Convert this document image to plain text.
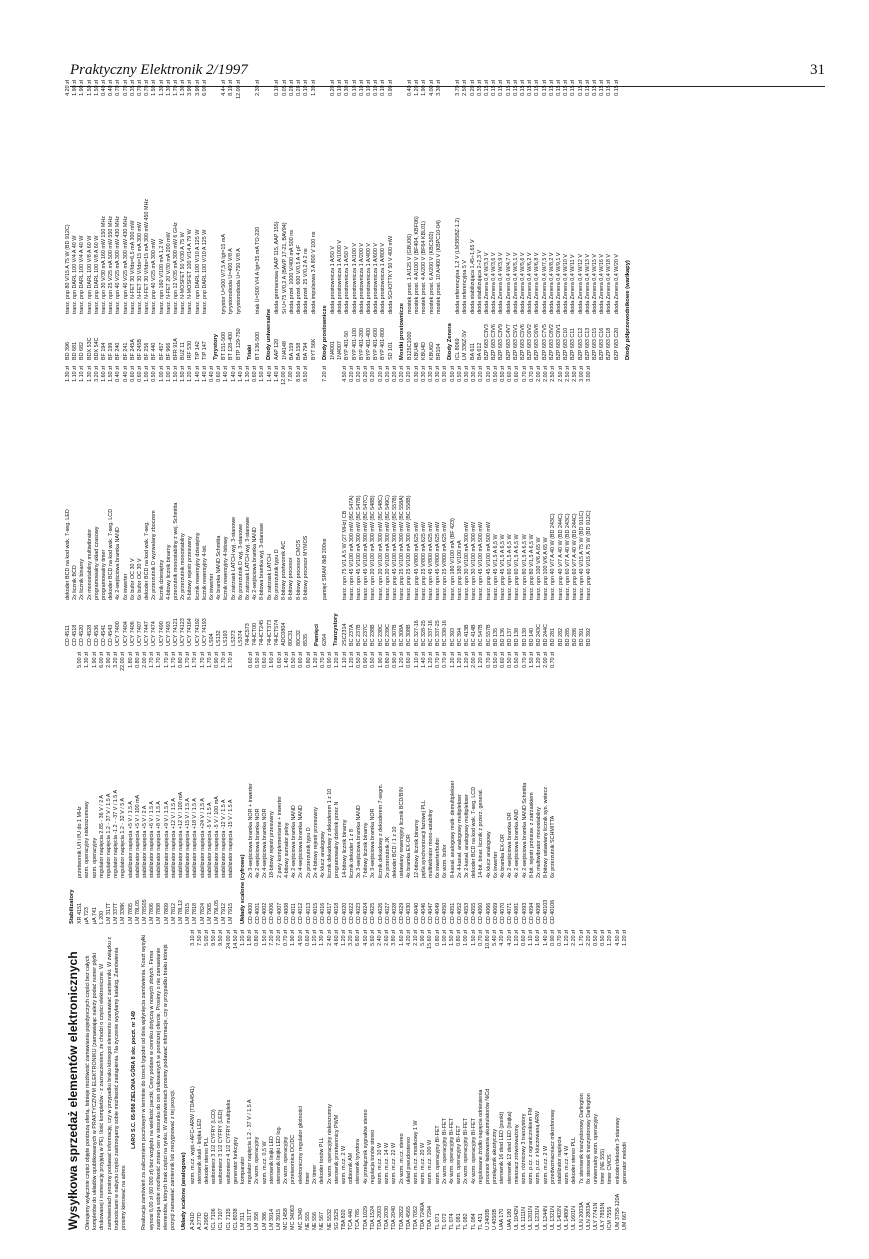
Praktyczny Elektronik 2/1997	31
Wysyłkowa sprzedaż elementów elektronicznych Oferujemy wyłącznie części objęte poniższą ofertą. Istnieje możliwość zamawiania pojedynczych części bez całych kompletów do układów opublikowanych w PRAKTYCZNYM ELEKTRONIKU (zamawiając należy podać numer płytki drukowanej i numerację przyjętą w PE). Ilość kompletów - z zaznaczeniem, że chodzi o części elektroniczne. W zamówieniach prosimy podawać informację, czy w przypadku braku któregoś elementu zamawiać zamienniki. W związku z trudnościami w nabyciu części zastrzegamy sobie możliwość zastąpienia. Na życzenie wysyłamy katalog. Zamówienia prosimy kierować na adres:

LARO S.C. 65-958 ZIELONA GÓRA 8 skr. poczt. nr 149 Realizacja zamówień za zaliczeniem pocztowym w terminie do trzech tygodni od dnia wpłynięcia zamówienia. Koszt wysyłki wynosi 6,00 zł (60 000 zł) bez względu na wielkość paczki. Ceny podane w cenniku dotyczą w nowych złotych. Firma zastrzega sobie możliwość zmian cen w stosunku do cen drukowanych w poniższej ofercie. Prosimy o nie zamawianie elementów, których brak części na rynku. W zamówieniach prosimy podawać informacje, czy w przypadku braku którejś pozycji zamawiać zamiennik lub zrezygnować z tej pozycji. Układy scalone (analogowe) A 241D	wzm. m.cz. wyjś.+AFC+ARW (TDA4541)	3.10 zł
A 277D	sterownik skali - linijka LED	7.50 zł
A 290D	dekoder stereo PLL	5.00 zł
ICL 7106	woltomierz 3 1/2 CYFRY (LCD)	9.50 zł
ICL 7107	woltomierz 3 1/2 CYFRY (LED)	9.50 zł
ICL 7135	woltomierz 4 1/2 CYFRY multipleks	24.00 zł
ICL 8038	generator funkcyjny	14.50 zł
LM 311	komparator	1.20 zł
LM 317T	regulator napięcia 1.2 - 37 V / 1.5 A	1.80 zł
LM 358	2x wzm. operacyjny	0.80 zł
LM 386	wzm. m.cz. 0,5 W	1.50 zł
LM 3914	sterownik linijki LED	7.20 zł
LM 3915	sterownik linijki LED log.	7.20 zł
MC 1458	2x wzm. operacyjny	0.70 zł
MC 34063	przetwornica DC/DC	1.90 zł
MC 3340	elektroniczny regulator głośności	4.50 zł
NE 555	timer	0.60 zł
NE 556	2x timer	1.20 zł
NE 567	dekoder tonów PLL	1.30 zł
NE 5532	2x wzm. operacyjny niskoszumny	2.40 zł
SG 3525	sterownik przetwornicy PWM	4.60 zł
TBA 820	wzm. m.cz. 2 W	1.20 zł
TCA 440	odbiornik AM	3.20 zł
TCA 785	sterownik tyrystora	6.80 zł
TDA 1029	4x przełącznik sygnałów stereo	4.50 zł
TDA 1524	regulacja tonów stereo	5.60 zł
TDA 2003	wzm. m.cz. 10 W	2.40 zł
TDA 2030	wzm. m.cz. 14 W	2.60 zł
TDA 2040	wzm. m.cz. 22 W	3.80 zł
TDA 2822	2x wzm. m.cz. stereo	1.60 zł
TDA 4565	układ pseudostereo	4.20 zł
TDA 7052	wzm. m.cz. mostkowy 1 W	2.10 zł
TDA 7240A	wzm. m.cz. 20 W	5.90 zł
TDA 7294	wzm. m.cz. 100 W	15.60 zł
TL 071	wzm. operacyjny BI-FET	0.80 zł
TL 072	2x wzm. operacyjny BI-FET	1.00 zł
TL 074	4x wzm. operacyjny BI-FET	1.50 zł
TL 081	wzm. operacyjny BI-FET	0.80 zł
TL 082	2x wzm. operacyjny BI-FET	1.00 zł
TL 084	4x wzm. operacyjny BI-FET	1.50 zł
TL 431	regulowane źródło napięcia odniesienia	0.70 zł
U 2400B	procesor ładowania akumulatorów NiCd	10.80 zł
U 4050B	przełącznik akustyczny	5.40 zł
UAA 170	sterownik 16 diod LED (punkt)	4.20 zł
UAA 180	sterownik 12 diod LED (linijka)	4.20 zł
UL 1042N	mieszacz zrównoważony	1.20 zł
UL 1111N	wzm. różnicowy 3 tranzystory	0.60 zł
UL 1201N	wzm. p.cz. z ogranicznikiem FM	1.10 zł
UL 1231N	wzm. p.cz. z kluczowaną ARW	1.60 zł
UL 1244N	wzm. m.cz. 2 W	1.40 zł
UL 1321N	przedwzmacniacz mikrofonowy	0.90 zł
UL 1402N	stabilizator napięcia	0.70 zł
UL 1480N	wzm. m.cz. 4 W	1.20 zł
UL 1601N	dekoder stereo PLL	2.20 zł
ULN 2003A	7x sterownik tranzystorowy Darlington	1.70 zł
ULN 2803A	8x sterownik tranzystorowy Darlington	2.20 zł
ULY 7741N	uniwersalny wzm. operacyjny	0.50 zł
ULY 7855N	timer (NE 555)	0.50 zł
ICM 7555	timer CMOS	1.20 zł
UM 3758-120A	enkoder/dekoder 3-stanowy	4.50 zł
UM 66T	generator melodii	1.20 zł
Stabilizatory XR 4151	przetwornik U/f i f/U do 1 MHz	5.00 zł
µA 723	wzm. operacyjny niskoszumowy	1.30 zł
µA 741	wzm. operacyjny	1.90 zł
L 200	regulator napięcia 2.85 - 36 V / 2 A	6.00 zł
LM 317T	regulator napięcia 1.2 - 37 V / 1.5 A	2.90 zł
LM 337T	regulator napięcia -1.2 - -37 V / 1.5 A	3.20 zł
LM 338K	regulator napięcia 1.2 - 32 V / 5 A	22.00 zł
LM 7805	stabilizator napięcia +5 V / 1.5 A	1.80 zł
LM 78L05	stabilizator napięcia +5 V / 100 mA	0.80 zł
LM 78S05	stabilizator napięcia +5 V / 2 A	2.00 zł
LM 7806	stabilizator napięcia +6 V / 1.5 A	1.70 zł
LM 7808	stabilizator napięcia +8 V / 1.5 A	1.70 zł
LM 7809	stabilizator napięcia +9 V / 1.5 A	1.70 zł
LM 7812	stabilizator napięcia +12 V / 1.5 A	1.70 zł
LM 78L12	stabilizator napięcia +12 V / 100 mA	0.80 zł
LM 7815	stabilizator napięcia +15 V / 1.5 A	1.70 zł
LM 7818	stabilizator napięcia +18 V / 1.5 A	1.70 zł
LM 7824	stabilizator napięcia +24 V / 1.5 A	1.70 zł
LM 7905	stabilizator napięcia -5 V / 1.5 A	1.70 zł
LM 79L05	stabilizator napięcia -5 V / 100 mA	0.90 zł
LM 7912	stabilizator napięcia -12 V / 1.5 A	1.70 zł
LM 7915	stabilizator napięcia -15 V / 1.5 A	1.70 zł
Układy scalone (cyfrowe) CD 4000	2x 3-wejściowa bramka NOR + inwerter	0.60 zł
CD 4001	4x 2-wejściowa bramka NOR	0.50 zł
CD 4002	2x 4-wejściowa bramka NOR	0.60 zł
CD 4006	18-bitowy rejestr przesuwny	1.60 zł
CD 4007	2 pary komplementarne + inwerter	0.60 zł
CD 4008	4-bitowy sumator pełny	1.40 zł
CD 4011	4x 2-wejściowa bramka NAND	0.50 zł
CD 4012	2x 4-wejściowa bramka NAND	0.60 zł
CD 4013	2x przerzutnik typu D	0.80 zł
CD 4015	2x 4-bitowy rejestr przesuwny	1.20 zł
CD 4016	4x klucz analogowy	0.70 zł
CD 4017	licznik dekadowy z dekoderem 1 z 10	0.90 zł
CD 4018	programowalny dzielnik przez N	1.20 zł
CD 4020	14-bitowy licznik binarny	1.10 zł
CD 4022	licznik dekoder 1 z 8	1.20 zł
CD 4023	3x 3-wejściowa bramka NAND	0.50 zł
CD 4024	7-bitowy licznik binarny	0.90 zł
CD 4025	3x 3-wejściowa bramka NOR	0.50 zł
CD 4026	licznik dekadowy z dekoderem 7-segm.	1.90 zł
CD 4027	2x przerzutnik JK	0.80 zł
CD 4028	dekoder BCD / 1 z 10	0.90 zł
CD 4029	ustawiany rewersyjny licznik BCD/BIN	1.20 zł
CD 4030	4x bramka EX-OR	0.60 zł
CD 4040	12-bitowy licznik binarny	1.10 zł
CD 4046	pętla synchronizacji fazowej PLL	1.40 zł
CD 4047	multiwibrator mono-astabilny	1.20 zł
CD 4049	6x inwerter/bufor	0.70 zł
CD 4050	6x wzm. bufor	0.70 zł
CD 4051	8-kanał. analogowy multi- demultiplekser	1.20 zł
CD 4052	2x 4-kanał. analogowy multiplekser	1.20 zł
CD 4053	3x 2-kanał. analogowy multiplekser	1.20 zł
CD 4055	dekoder BCD na kod wsk. 7-seg. LCD	2.00 zł
CD 4060	14-bit. binar. licznik z przerz. generat.	1.20 zł
CD 4066	4x klucz analogowy	0.70 zł
CD 4069	6x inwerter	0.50 zł
CD 4070	4x bramka EX-OR	0.60 zł
CD 4071	4x 2-wejściowa bramka OR	0.50 zł
CD 4081	4x 2-wejściowa bramka AND	0.50 zł
CD 4093	4x 2-wejściowa bramka NAND Schmitta	0.70 zł
CD 4094	8-bit. rejestr przesuw. z zatrzaskiem	1.50 zł
CD 4098	2x multiwibrator monostabilny	1.20 zł
CD 40103	8-bitowy ustawiany licznik syn. wstecz	2.00 zł
CD 40106	6x przerzutnik SCHMITTA	0.70 zł
CD 4511	dekoder BCD na kod wsk. 7-seg. LED	1.30 zł
CD 4518	2x licznik BCD	1.10 zł
CD 4520	2x licznik binarny	1.10 zł
CD 4528	2x monostabilny multiwibrator	1.30 zł
CD 4536	programowalny układ czasowy	3.20 zł
CD 4541	programowalny timer	1.60 zł
CD 4543	dekoder BCD na kod wsk. 7-seg. LCD	1.50 zł
UCY 7400	4x 2-wejściowa bramka NAND	0.40 zł
UCY 7404	6x inwerter	0.40 zł
UCY 7406	6x bufor OC 30 V	0.60 zł
UCY 7407	6x bufor OC 30 V	0.60 zł
UCY 7447	dekoder BCD na kod wsk. 7-seg.	1.00 zł
UCY 7474	2x przerzutnik D wyzwalany zboczem	0.50 zł
UCY 7490	licznik dziesiętny	1.00 zł
UCY 7493	4-bitowy licznik binarny	1.00 zł
UCY 74121	przerzutnik monostabilny z wej. Schmitta	1.50 zł
UCY 74123	2x przerzutnik monostabilny	1.50 zł
UCY 74164	8-bitowy rejestr przesuwny	1.20 zł
UCY 74192	licznik rewersyjny dziesiętny	1.40 zł
UCY 74193	licznik rewersyjny 4-bit.	1.40 zł
LS04	6x inwerter	0.40 zł
LS132	4x bramka NAND Schmitta	0.60 zł
LS193	licznik rewersyjny 4-bitowy	1.40 zł
LS373	8x zatrzask LATCH wyj. 3-stanowe	1.40 zł
LS374	8x przerzutnik D wyj. 3-stanowe	1.40 zł
74HC573	8x zatrzask LATCH wyj. 3-stanowe	1.30 zł
74HCT00	4x 2-wejściowa bramka NAND	0.60 zł
74HCT245	8-bitowa bramka wyj. 3-stanowe	1.50 zł
74HCT373	8x zatrzask LATCH	1.40 zł
74HCT574	8x przerzutnik typu D	1.40 zł
ADC0804	8-bitowy przetwornik A/C	12.00 zł
80C31	8-bitowy procesor	7.00 zł
80C32	8-bitowy procesor CMOS	8.50 zł
8535	8-bitowy procesor MYMOS	9.50 zł
Pamięci 6264	pamięć SRAM 8kB 200ns	7.20 zł
Tranzystory 2SC2314	tranz. npn 75 V/1 A 5 W (27 MHz) CB	4.50 zł
BC 237A	tranz. npn 45 V/100 mA 300 mW (BC 547A)	0.20 zł
BC 237B	tranz. npn 45 V/100 mA 300 mW (BC 547B)	0.20 zł
BC 237C	tranz. npn 45 V/100 mA 300 mW (BC 547C)	0.20 zł
BC 238B	tranz. npn 20 V/100 mA 300 mW (BC 548B)	0.20 zł
BC 238C	tranz. npn 20 V/100 mA 300 mW (BC 548C)	0.20 zł
BC 239C	tranz. npn 20 V/100 mA 300 mW (BC 549C)	0.20 zł
BC 307B	tranz. pnp 45 V/100 mA 300 mW (BC 557B)	0.20 zł
BC 308A	tranz. pnp 25 V/100 mA 300 mW (BC 558A)	0.20 zł
BC 308B	tranz. pnp 25 V/100 mA 300 mW (BC 558B)	0.20 zł
BC 327-16	tranz. pnp 45 V/800 mA 625 mW	0.30 zł
BC 328-25	tranz. pnp 25 V/800 mA 625 mW	0.30 zł
BC 337-16	tranz. npn 45 V/800 mA 625 mW	0.30 zł
BC 337-25	tranz. npn 45 V/800 mA 625 mW	0.30 zł
BC 338-16	tranz. npn 25 V/800 mA 625 mW	0.30 zł
BC 393	tranz. npn 180 V/100 mA (BF 423)	0.50 zł
BC 394	tranz. pnp 180 V/100 mA	0.50 zł
BC 413B	tranz. npn 30 V/100 mA 300 mW	0.30 zł
BC 414B	tranz. npn 30 V/100 mA 300 mW	0.30 zł
BC 547B	tranz. npn 45 V/100 mA 500 mW	0.20 zł
BC 557B	tranz. pnp 45 V/100 mA 500 mW	0.20 zł
BD 135	tranz. npn 45 V/1,5 A 6,5 W	0.50 zł
BD 136	tranz. pnp 45 V/1,5 A 6,5 W	0.50 zł
BD 137	tranz. npn 60 V/1,5 A 6,5 W	0.60 zł
BD 138	tranz. pnp 60 V/1,5 A 6,5 W	0.60 zł
BD 139	tranz. npn 80 V/1,5 A 6,5 W	0.70 zł
BD 140	tranz. pnp 80 V/1,5 A 6,5 W	0.70 zł
BD 243C	tranz. npn 100 V/6 A 65 W	2.00 zł
BD 244C	tranz. pnp 100 V/6 A 65 W	2.00 zł
BD 281	tranz. npn 40 V/7 A 40 W (BD 243C)	2.50 zł
BD 282	tranz. pnp 40 V/7 A 40 W (BD 244C)	2.50 zł
BD 285	tranz. npn 60 V/7 A 40 W (BD 243C)	2.50 zł
BD 286	tranz. pnp 60 V/7 A 40 W (BD 244C)	2.50 zł
BD 391	tranz. npn 40 V/15 A 75 W (BD 911C)	3.00 zł
BD 392	tranz. pnp 40 V/15 A 75 W (BD 912C)	3.00 zł
BD 396	tranz. pnp 80 V/15 A 75 W (BD 912C)	4.20 zł
BD 681	tranz. npn DARL 100 V/4 A 40 W	1.90 zł
BD 682	tranz. pnp DARL 100 V/4 A 40 W	1.90 zł
BDX 53C	tranz. npn DARL 100 V/8 A 60 W	1.50 zł
BDX 54C	tranz. pnp DARL 100 V/8 A 60 W	1.50 zł
BF 194	tranz. npn 30 V/30 mA 160 mW 150 MHz	0.40 zł
BF 199	tranz. npn 25 V/25 mA 500 mW 550 MHz	0.40 zł
BF 240	tranz. npn 40 V/25 mA 300 mW 430 MHz	0.70 zł
BF 241	tranz. npn 40 V/25 mA 300 mW 430 MHz	0.70 zł
BF 245A	tranz. N-FET 30 V/Ids=6,5 mA 300 mW	0.35 zł
BF 245B	tranz. N-FET 30 V/Ids=15 mA 300 mW	0.70 zł
BF 256	tranz. N-FET 30 V/Ids=15 mA 300 mW 450 MHz	0.70 zł
BF 440	tranz. pnp 40 V/25 mA 300 mW	1.50 zł
BF 457	tranz. npn 160 V/100 mA 1,2 W	1.30 zł
BF 966	tranz. N-FET 20 V/30 mA 200 mW	1.30 zł
BFR 91A	tranz. npn 12 V/35 mA 300 mW 6 GHz	1.70 zł
BUZ 11	tranz. N-MOSFET 50 V/30 A 75 W	1.30 zł
IRF 530	tranz. N-MOSFET 100 V/14 A 79 W	3.90 zł
TIP 142	tranz. npn DARL 100 V/10 A 125 W	3.90 zł
TIP 147	tranz. pnp DARL 100 V/10 A 125 W	6.00 zł
Tyrystory BT 151-500	tyrystor U=500 V/7,5 A Igt=15 mA	4.44 zł
BT 128-400	tyrystorodioda U=400 V/8 A	8.10 zł
BTP 129-750	tyrystorodioda U=750 V/8 A	12.00 zł
Triaki BT 136-500	triak U=500 V/4 A Igt=35 mA TO-220	2.30 zł
Diody uniwersalne AAP 120	dioda germanowa (AAP 115, AAP 155)	0.10 zł
1N4148	Si U=75 V/0,2 A (BAVP 17-21, BAV94)	0.05 zł
BA 159	dioda przeł. 1000 V/400 mA 500 ns	0.28 zł
BA 158	dioda przeł. 600 V/0,5 A 4 pF	0.28 zł
BA 794	dioda przeł. 25 V/0,2 A 2 ns	0.10 zł
BYT 56K	dioda impulsowa 3 A 800 V 100 ns	1.30 zł
Diody prostownicze 1N4001	dioda prostownicza 1 A/50 V	0.20 zł
1N4007	dioda prostownicza 1 A/1000 V	0.10 zł
BYP 401-50	dioda prostownicza 1 A/50 V	0.30 zł
BYP 401-100	dioda prostownicza 1 A/100 V	0.10 zł
BYP 401-200	dioda prostownicza 1 A/200 V	0.10 zł
BYP 401-400	dioda prostownicza 1 A/400 V	0.10 zł
BYP 401-600	dioda prostownicza 1 A/600 V	0.10 zł
BYP 401-800	dioda prostownicza 1 A/800 V	0.10 zł
SD 101	dioda SCHOTTKY 50 V 400 mW	0.90 zł
Mostki prostownicze B125C1000	mostek prost. 1 A/125 V (GBU06)	0.40 zł
KBU4B	mostek prost. 4 A/100 V (BF404, KBF06)	1.20 zł
KBU4D	mostek prost. 4 A/200 V (BF64 KBL01)	1.90 zł
KBU6D	mostek prost. 6 A/200 V (KBC502)	4.00 zł
BR104	mostek prost. 10 A/400 V (KBPC10-04)	3.30 zł
Diody Zenera ICL 8069	dioda referencyjna 1,2 V (LM385BZ-1.2)	3.70 zł
LM 336Z-5V	dioda referencyjna 5 V	2.50 zł
BA 611	dioda stabilizująca 1,45÷1,65 V	0.20 zł
BA 612	dioda stabilizująca 2÷2,3 V	0.35 zł
BZP 683 C3V3	dioda Zenera 0,4 W/3,3 V	0.15 zł
BZP 683 C3V6	dioda Zenera 0,4 W/3,6 V	0.15 zł
BZP 683 C3V9	dioda Zenera 0,4 W/3,9 V	0.15 zł
BZP 683 C4V7	dioda Zenera 0,4 W/4,7 V	0.15 zł
BZP 683 C5V1	dioda Zenera 0,4 W/5,1 V	0.15 zł
BZP 683 C5V6	dioda Zenera 0,4 W/5,6 V	0.15 zł
BZP 683 C6V2	dioda Zenera 0,4 W/6,2 V	0.15 zł
BZP 683 C6V8	dioda Zenera 0,4 W/6,8 V	0.15 zł
BZP 683 C7V5	dioda Zenera 0,4 W/7,5 V	0.15 zł
BZP 683 C8V2	dioda Zenera 0,4 W/8,2 V	0.15 zł
BZP 683 C9V1	dioda Zenera 0,4 W/9,1 V	0.15 zł
BZP 683 C10	dioda Zenera 0,4 W/10 V	0.15 zł
BZP 683 C11	dioda Zenera 0,4 W/11 V	0.15 zł
BZP 683 C12	dioda Zenera 0,4 W/12 V	0.15 zł
BZP 683 C13	dioda Zenera 0,4 W/13 V	0.15 zł
BZP 683 C15	dioda Zenera 0,4 W/15 V	0.15 zł
BZP 683 C16	dioda Zenera 0,4 W/16 V	0.15 zł
BZP 683 C18	dioda Zenera 0,4 W/18 V	0.15 zł
BZP 683 C20	dioda Zenera 0,4 W/20 V	0.15 zł
Diody półprzewodnikowe (warikapy)
